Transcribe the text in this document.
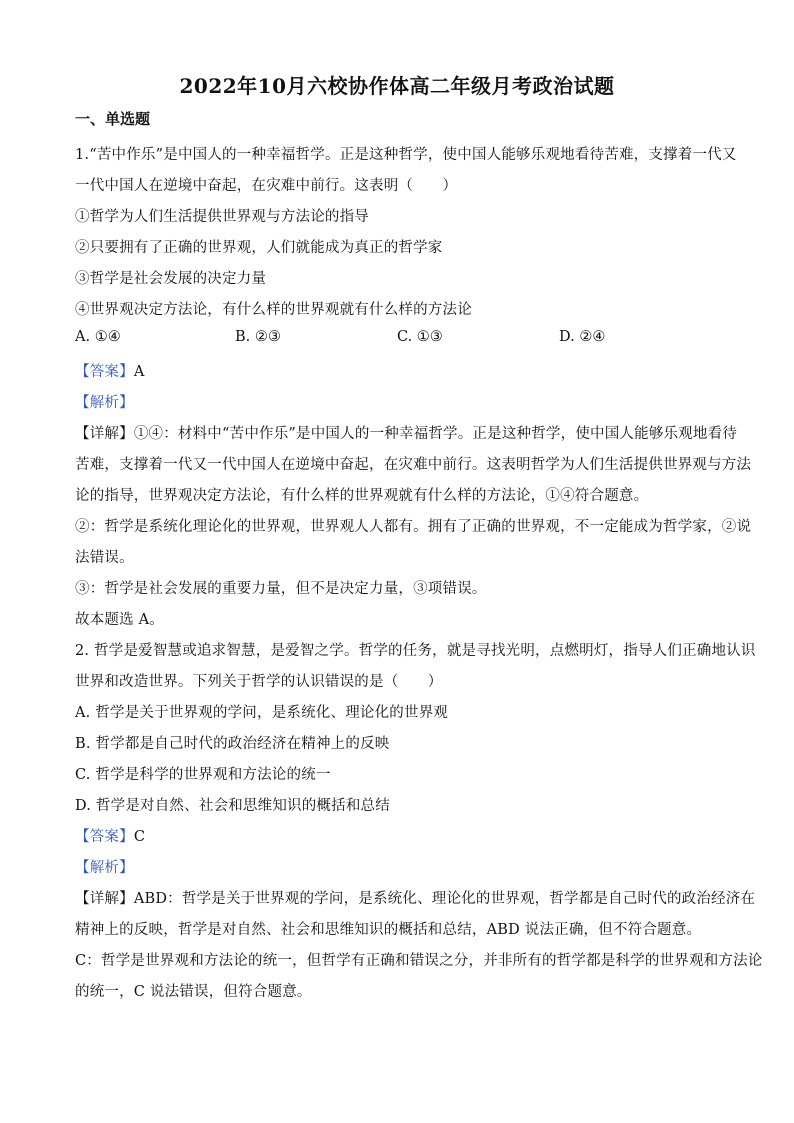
2022年10月六校协作体高二年级月考政治试题
一、单选题
1.“苦中作乐”是中国人的一种幸福哲学。正是这种哲学，使中国人能够乐观地看待苦难，支撑着一代又
一代中国人在逆境中奋起，在灾难中前行。这表明（　　）
①哲学为人们生活提供世界观与方法论的指导
②只要拥有了正确的世界观，人们就能成为真正的哲学家
③哲学是社会发展的决定力量
④世界观决定方法论，有什么样的世界观就有什么样的方法论
A. ①④	B. ②③	C. ①③	D. ②④
【答案】A
【解析】
【详解】①④：材料中“苦中作乐”是中国人的一种幸福哲学。正是这种哲学，使中国人能够乐观地看待
苦难，支撑着一代又一代中国人在逆境中奋起，在灾难中前行。这表明哲学为人们生活提供世界观与方法
论的指导，世界观决定方法论，有什么样的世界观就有什么样的方法论，①④符合题意。
②：哲学是系统化理论化的世界观，世界观人人都有。拥有了正确的世界观，不一定能成为哲学家，②说
法错误。
③：哲学是社会发展的重要力量，但不是决定力量，③项错误。
故本题选 A。
2. 哲学是爱智慧或追求智慧，是爱智之学。哲学的任务，就是寻找光明，点燃明灯，指导人们正确地认识
世界和改造世界。下列关于哲学的认识错误的是（　　）
A. 哲学是关于世界观的学问，是系统化、理论化的世界观
B. 哲学都是自己时代的政治经济在精神上的反映
C. 哲学是科学的世界观和方法论的统一
D. 哲学是对自然、社会和思维知识的概括和总结
【答案】C
【解析】
【详解】ABD：哲学是关于世界观的学问，是系统化、理论化的世界观，哲学都是自己时代的政治经济在
精神上的反映，哲学是对自然、社会和思维知识的概括和总结，ABD 说法正确，但不符合题意。
C：哲学是世界观和方法论的统一，但哲学有正确和错误之分，并非所有的哲学都是科学的世界观和方法论
的统一，C 说法错误，但符合题意。
